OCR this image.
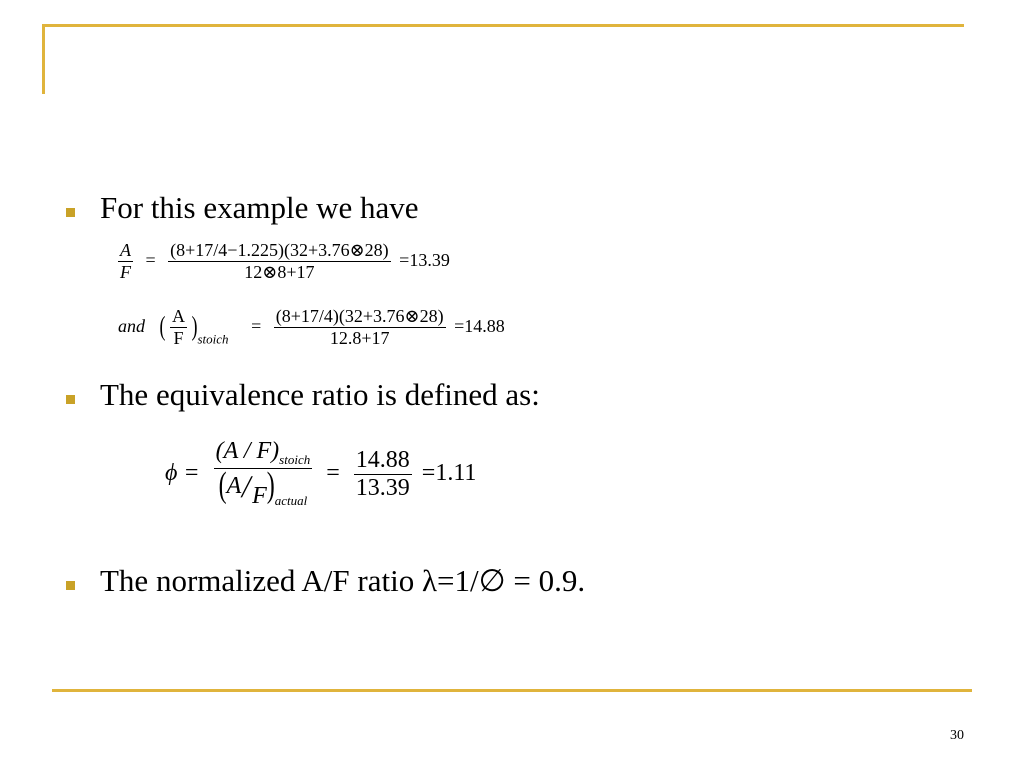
For this example we have
$\frac{A}{F} = \frac{(8+17/4-1.225)(32+3.76\otimes 28)}{12\otimes 8+17} =13.39$
and ( $\frac{A}{F} )_{stoich} = \frac{(8+17/4)(32+3.76\otimes 28)}{12.8+17} =14.88$
The equivalence ratio is defined as:
$\phi = \frac{(A / F)_{stoich}}{(A╱F)_{actual}} = \frac{14.88}{13.39} =1.11$
The normalized A/F ratio λ=1/∅ = 0.9.
30
